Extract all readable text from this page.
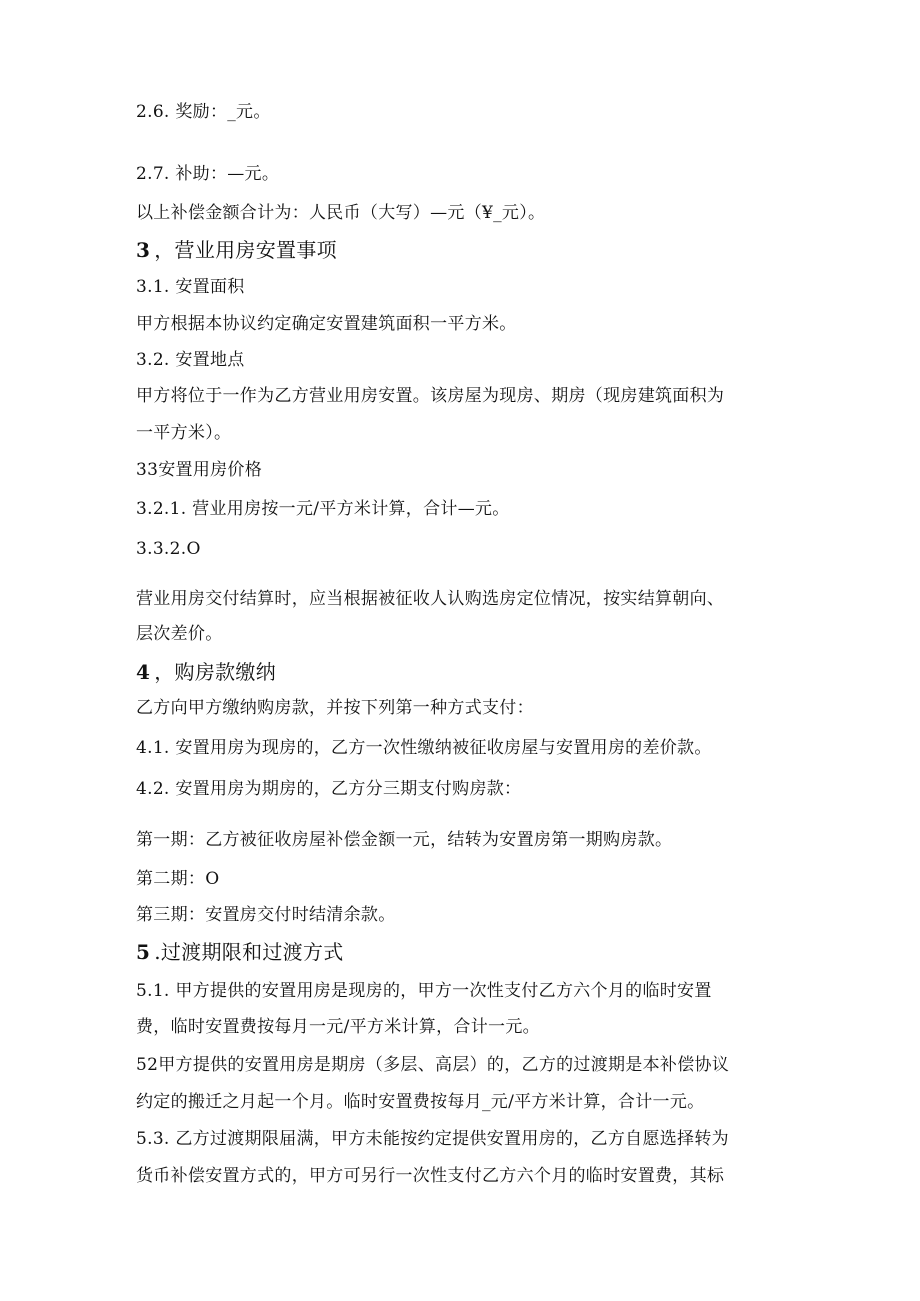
2.6. 奖励：_元。
2.7. 补助：—元。
以上补偿金额合计为：人民币（大写）—元（¥_元）。
3 ，营业用房安置事项
3.1. 安置面积
甲方根据本协议约定确定安置建筑面积一平方米。
3.2. 安置地点
甲方将位于一作为乙方营业用房安置。该房屋为现房、期房（现房建筑面积为
一平方米）。
33安置用房价格
3.2.1. 营业用房按一元/平方米计算，合计—元。
3.3.2.O
营业用房交付结算时，应当根据被征收人认购选房定位情况，按实结算朝向、
层次差价。
4 ，购房款缴纳
乙方向甲方缴纳购房款，并按下列第一种方式支付：
4.1. 安置用房为现房的，乙方一次性缴纳被征收房屋与安置用房的差价款。
4.2. 安置用房为期房的，乙方分三期支付购房款：
第一期：乙方被征收房屋补偿金额一元，结转为安置房第一期购房款。
第二期：O
第三期：安置房交付时结清余款。
5 .过渡期限和过渡方式
5.1. 甲方提供的安置用房是现房的，甲方一次性支付乙方六个月的临时安置
费，临时安置费按每月一元/平方米计算，合计一元。
52甲方提供的安置用房是期房（多层、高层）的，乙方的过渡期是本补偿协议
约定的搬迁之月起一个月。临时安置费按每月_元/平方米计算，合计一元。
5.3. 乙方过渡期限届满，甲方未能按约定提供安置用房的，乙方自愿选择转为
货币补偿安置方式的，甲方可另行一次性支付乙方六个月的临时安置费，其标
